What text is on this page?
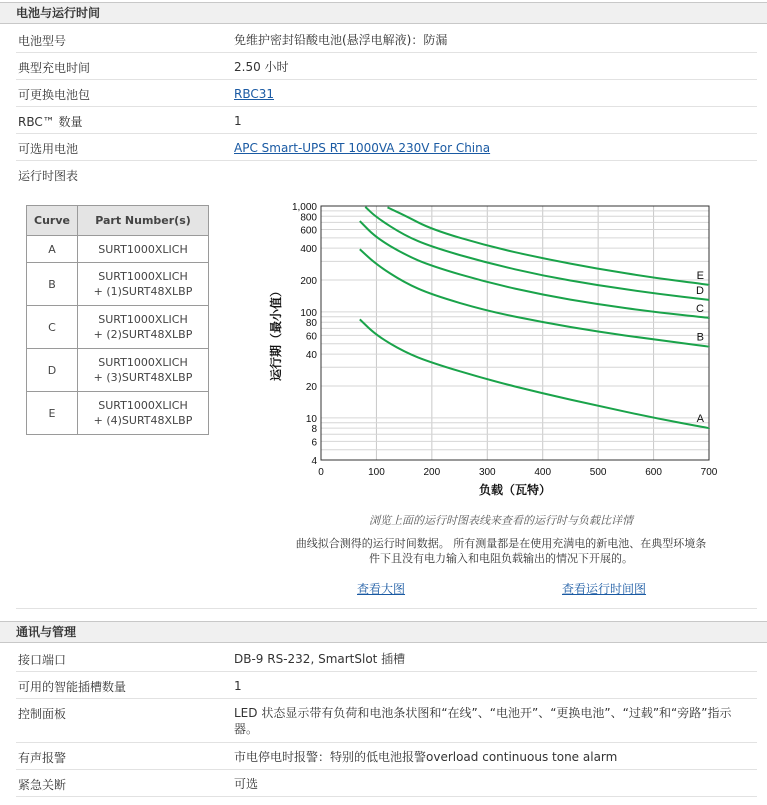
电池与运行时间
电池型号	免维护密封铅酸电池(悬浮电解液)：防漏
典型充电时间	2.50 小时
可更换电池包	RBC31
RBC™ 数量	1
可选用电池	APC Smart-UPS RT 1000VA 230V For China
运行时图表
Curve	Part Number(s)
A	SURT1000XLICH
B	SURT1000XLICH
+ (1)SURT48XLBP
C	SURT1000XLICH
+ (2)SURT48XLBP
D	SURT1000XLICH
+ (3)SURT48XLBP
E	SURT1000XLICH
+ (4)SURT48XLBP
0	100	200	300	400	500	600	700
4
6
8
10
20
40
60
80
100
200
400
600
800
1,000
A
B
C
D
E
负载（瓦特）
运行期（最小值）
浏览上面的运行时图表线来查看的运行时与负载比详情
曲线拟合测得的运行时间数据。 所有测量都是在使用充满电的新电池、在典型环境条
件下且没有电力输入和电阻负载输出的情况下开展的。
查看大图	查看运行时间图
通讯与管理
接口端口	DB-9 RS-232, SmartSlot 插槽
可用的智能插槽数量	1
控制面板	LED 状态显示带有负荷和电池条状图和“在线”、“电池开”、“更换电池”、“过载”和“旁路”指示器。
有声报警	市电停电时报警：特别的低电池报警overload continuous tone alarm
紧急关断	可选
